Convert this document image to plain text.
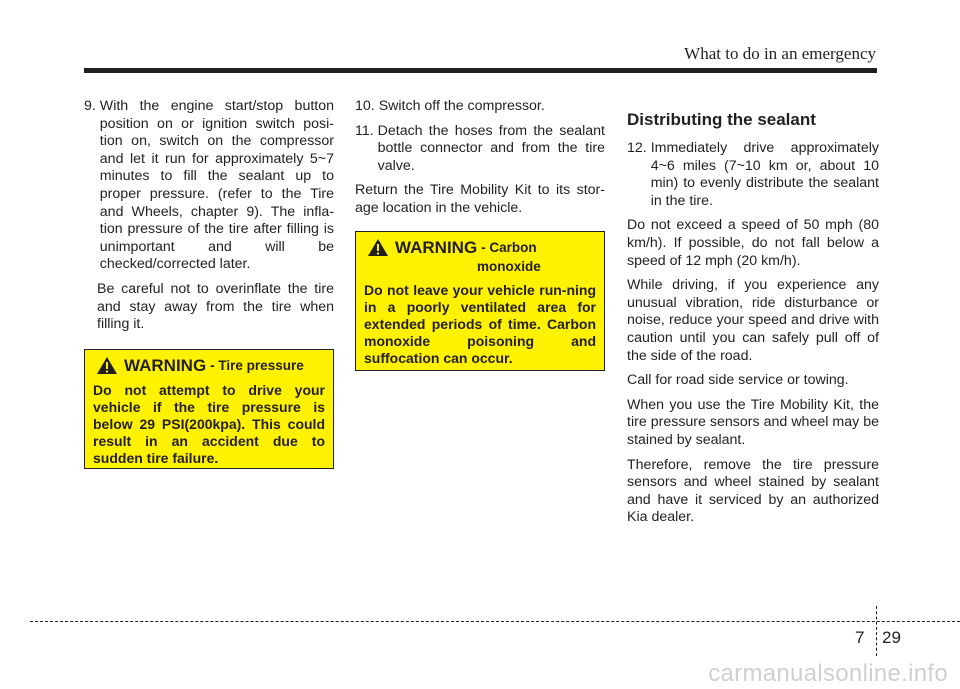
What to do in an emergency
9.
With the engine start/stop button position on or ignition switch posi-tion on, switch on the compressor and let it run for approximately 5~7 minutes to fill the sealant up to proper pressure. (refer to the Tire and Wheels, chapter 9). The infla-tion pressure of the tire after filling is unimportant and will be checked/corrected later.

Be careful not to overinflate the tire and stay away from the tire when filling it.

WARNING - Tire pressure
Do not attempt to drive your vehicle if the tire pressure is below 29 PSI(200kpa). This could result in an accident due to sudden tire failure.
10.
Switch off the compressor.
11.
Detach the hoses from the sealant bottle connector and from the tire valve.

Return the Tire Mobility Kit to its stor-age location in the vehicle.

WARNING - Carbon
monoxide
Do not leave your vehicle run-ning in a poorly ventilated area for extended periods of time. Carbon monoxide poisoning and suffocation can occur.
Distributing the sealant
12.
Immediately drive approximately 4~6 miles (7~10 km or, about 10 min) to evenly distribute the sealant in the tire.

Do not exceed a speed of 50 mph (80 km/h). If possible, do not fall below a speed of 12 mph (20 km/h).

While driving, if you experience any unusual vibration, ride disturbance or noise, reduce your speed and drive with caution until you can safely pull off of the side of the road.

Call for road side service or towing.

When you use the Tire Mobility Kit, the tire pressure sensors and wheel may be stained by sealant.

Therefore, remove the tire pressure sensors and wheel stained by sealant and have it serviced by an authorized Kia dealer.

7 29
carmanualsonline.info
